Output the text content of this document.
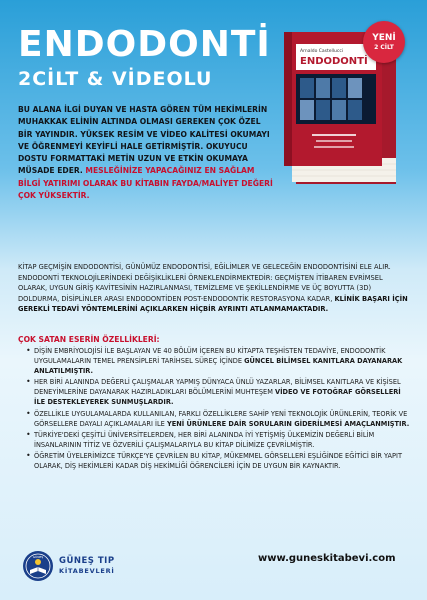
ENDODONTİ
2CİLT & VİDEOLU
Arnaldo Castellucci
ENDODONTİ
YENİ
2 CİLT
BU ALANA İLGİ DUYAN VE HASTA GÖREN TÜM HEKİMLERİN MUHAKKAK ELİNİN ALTINDA OLMASI GEREKEN ÇOK ÖZEL BİR YAYINDIR. YÜKSEK RESİM VE VİDEO KALİTESİ OKUMAYI VE ÖĞRENMEYİ KEYİFLİ HALE GETİRMİŞTİR. OKUYUCU DOSTU FORMATTAKİ METİN UZUN VE ETKİN OKUMAYA MÜSADE EDER. MESLEĞİNİZE YAPACAĞINIZ EN SAĞLAM BİLGİ YATIRIMI OLARAK BU KİTABIN FAYDA/MALİYET DEĞERİ ÇOK YÜKSEKTİR.
KİTAP GEÇMİŞİN ENDODONTİSİ, GÜNÜMÜZ ENDODONTİSİ, EĞİLİMLER VE GELECEĞİN ENDODONTİSİNİ ELE ALIR. ENDODONTİ TEKNOLOJİLERİNDEKİ DEĞİŞİKLİKLERİ ÖRNEKLENDİRMEKTEDİR: GEÇMİŞTEN İTİBAREN EVRİMSEL OLARAK, UYGUN GİRİŞ KAVİTESİNİN HAZIRLANMASI, TEMİZLEME VE ŞEKİLLENDİRME VE ÜÇ BOYUTTA (3D) DOLDURMA, DİSİPLİNLER ARASI ENDODONTİDEN POST-ENDODONTİK RESTORASYONA KADAR, KLİNİK BAŞARI İÇİN GEREKLİ TEDAVİ YÖNTEMLERİNİ AÇIKLARKEN HİÇBİR AYRINTI ATLANMAMAKTADIR.
ÇOK SATAN ESERİN ÖZELLİKLERİ:
• DİŞİN EMBRİYOLOJİSİ İLE BAŞLAYAN VE 40 BÖLÜM İÇEREN BU KİTAPTA TEŞHİSTEN TEDAVİYE, ENDODONTİK UYGULAMALARIN TEMEL PRENSİPLERİ TARİHSEL SÜREÇ İÇİNDE GÜNCEL BİLİMSEL KANITLARA DAYANARAK ANLATILMIŞTIR.
• HER BİRİ ALANINDA DEĞERLİ ÇALIŞMALAR YAPMIŞ DÜNYACA ÜNLÜ YAZARLAR, BİLİMSEL KANITLARA VE KİŞİSEL DENEYİMLERİNE DAYANARAK HAZIRLADIKLARI BÖLÜMLERİNİ MUHTEŞEM VİDEO VE FOTOĞRAF GÖRSELLERİ İLE DESTEKLEYEREK SUNMUŞLARDIR.
• ÖZELLİKLE UYGULAMALARDA KULLANILAN, FARKLI ÖZELLİKLERE SAHİP YENİ TEKNOLOJİK ÜRÜNLERİN, TEORİK VE GÖRSELLERE DAYALI AÇIKLAMALARI İLE YENİ ÜRÜNLERE DAİR SORULARIN GİDERİLMESİ AMAÇLANMIŞTIR.
• TÜRKİYE'DEKİ ÇEŞİTLİ ÜNİVERSİTELERDEN, HER BİRİ ALANINDA İYİ YETİŞMİŞ ÜLKEMİZİN DEĞERLİ BİLİM İNSANLARININ TİTİZ VE ÖZVERİLİ ÇALIŞMALARIYLA BU KİTAP DİLİMİZE ÇEVRİLMİŞTİR.
• ÖĞRETİM ÜYELERİMİZCE TÜRKÇE'YE ÇEVRİLEN BU KİTAP, MÜKEMMEL GÖRSELLERİ EŞLİĞİNDE EĞİTİCİ BİR YAPIT OLARAK, DİŞ HEKİMLERİ KADAR DİŞ HEKİMLİĞİ ÖĞRENCİLERİ İÇİN DE UYGUN BİR KAYNAKTIR.
GÜNEŞ GÜNEŞ TIP
KİTABEVLERİ
www.guneskitabevi.com
